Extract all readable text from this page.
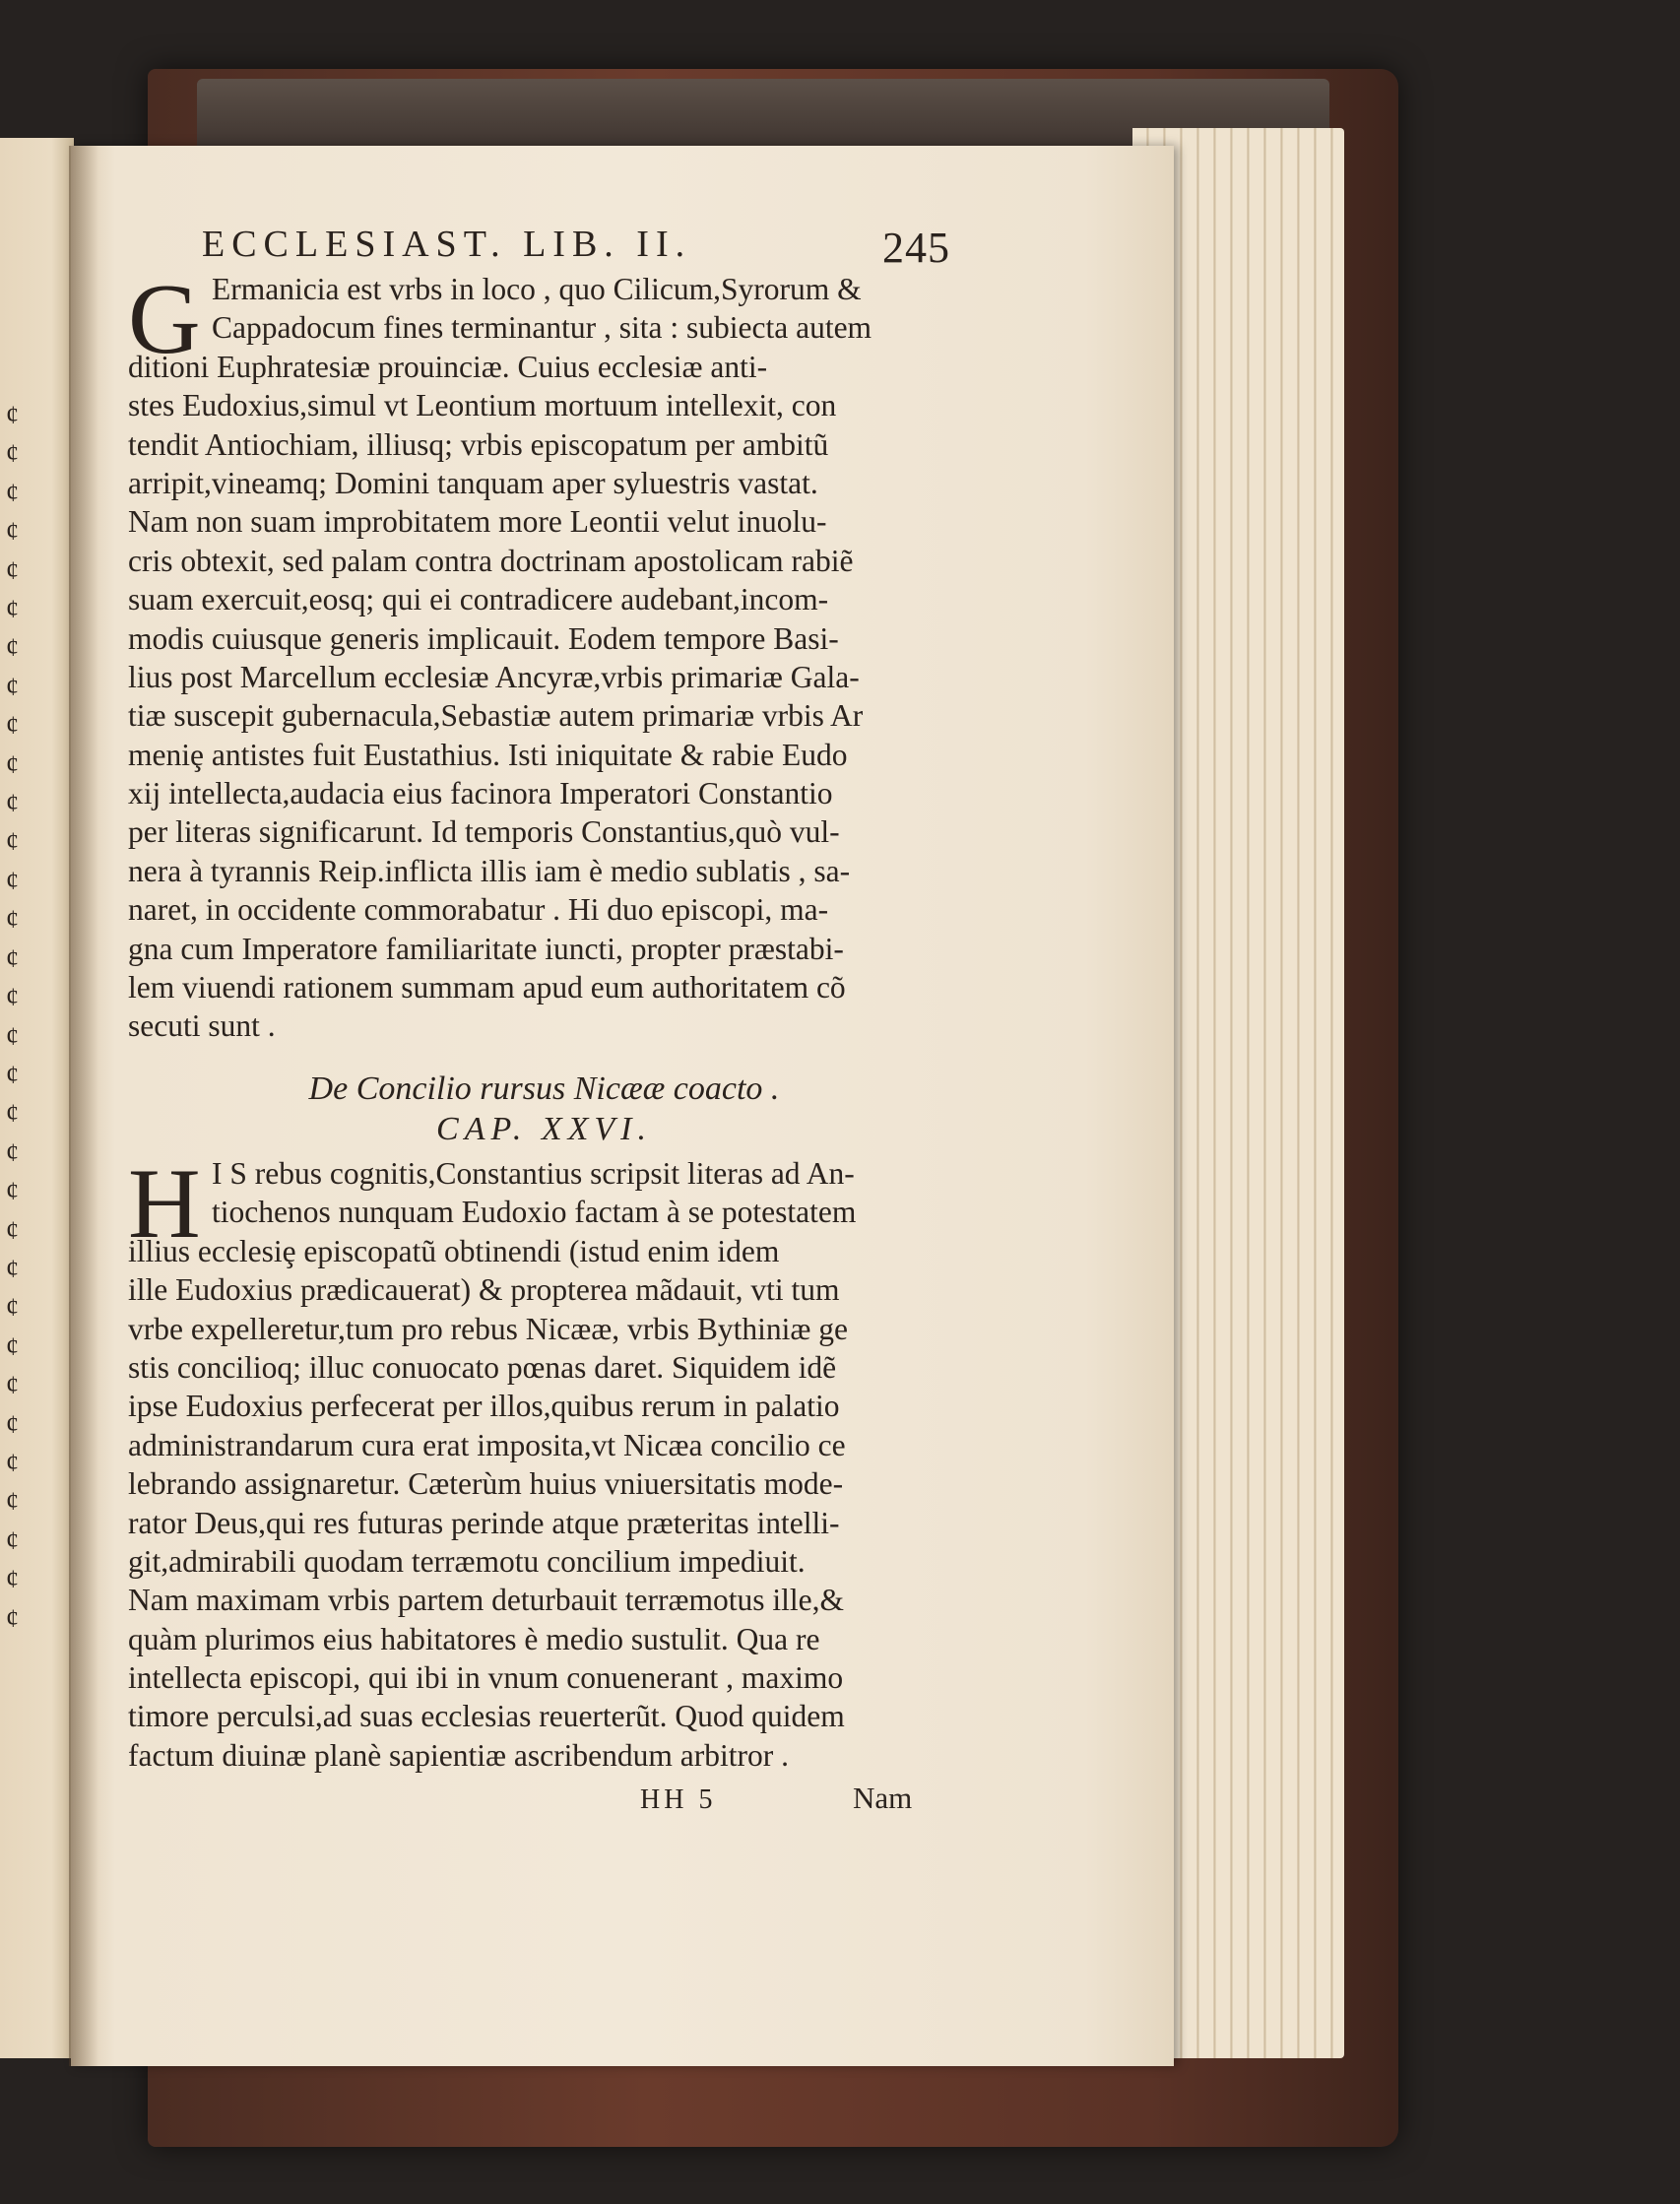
¢
¢
¢
¢
¢
¢
¢
¢
¢
¢
¢
¢
¢
¢
¢
¢
¢
¢
¢
¢
¢
¢
¢
¢
¢
¢
¢
¢
¢
¢
¢
¢
ECCLESIAST. LIB. II.	245
G Ermanicia est vrbs in loco , quo Cilicum,Syrorum &
Cappadocum fines terminantur , sita : subiecta autem
ditioni Euphratesiæ prouinciæ. Cuius ecclesiæ anti-
stes Eudoxius,simul vt Leontium mortuum intellexit, con
tendit Antiochiam, illiusq; vrbis episcopatum per ambitũ
arripit,vineamq; Domini tanquam aper syluestris vastat.
Nam non suam improbitatem more Leontii velut inuolu-
cris obtexit, sed palam contra doctrinam apostolicam rabiẽ
suam exercuit,eosq; qui ei contradicere audebant,incom-
modis cuiusque generis implicauit. Eodem tempore Basi-
lius post Marcellum ecclesiæ Ancyræ,vrbis primariæ Gala-
tiæ suscepit gubernacula,Sebastiæ autem primariæ vrbis Ar
meniȩ antistes fuit Eustathius. Isti iniquitate & rabie Eudo
xij intellecta,audacia eius facinora Imperatori Constantio
per literas significarunt. Id temporis Constantius,quò vul-
nera à tyrannis Reip.inflicta illis iam è medio sublatis , sa-
naret, in occidente commorabatur . Hi duo episcopi, ma-
gna cum Imperatore familiaritate iuncti, propter præstabi-
lem viuendi rationem summam apud eum authoritatem cõ
secuti sunt .
De Concilio rursus Nicææ coacto .
CAP. XXVI.
H I S rebus cognitis,Constantius scripsit literas ad An-
tiochenos nunquam Eudoxio factam à se potestatem
illius ecclesiȩ episcopatũ obtinendi (istud enim idem
ille Eudoxius prædicauerat) & propterea mãdauit, vti tum
vrbe expelleretur,tum pro rebus Nicææ, vrbis Bythiniæ ge
stis concilioq; illuc conuocato pœnas daret. Siquidem idẽ
ipse Eudoxius perfecerat per illos,quibus rerum in palatio
administrandarum cura erat imposita,vt Nicæa concilio ce
lebrando assignaretur. Cæterùm huius vniuersitatis mode-
rator Deus,qui res futuras perinde atque præteritas intelli-
git,admirabili quodam terræmotu concilium impediuit.
Nam maximam vrbis partem deturbauit terræmotus ille,&
quàm plurimos eius habitatores è medio sustulit. Qua re
intellecta episcopi, qui ibi in vnum conuenerant , maximo
timore perculsi,ad suas ecclesias reuerterũt. Quod quidem
factum diuinæ planè sapientiæ ascribendum arbitror .
HH 5	Nam
